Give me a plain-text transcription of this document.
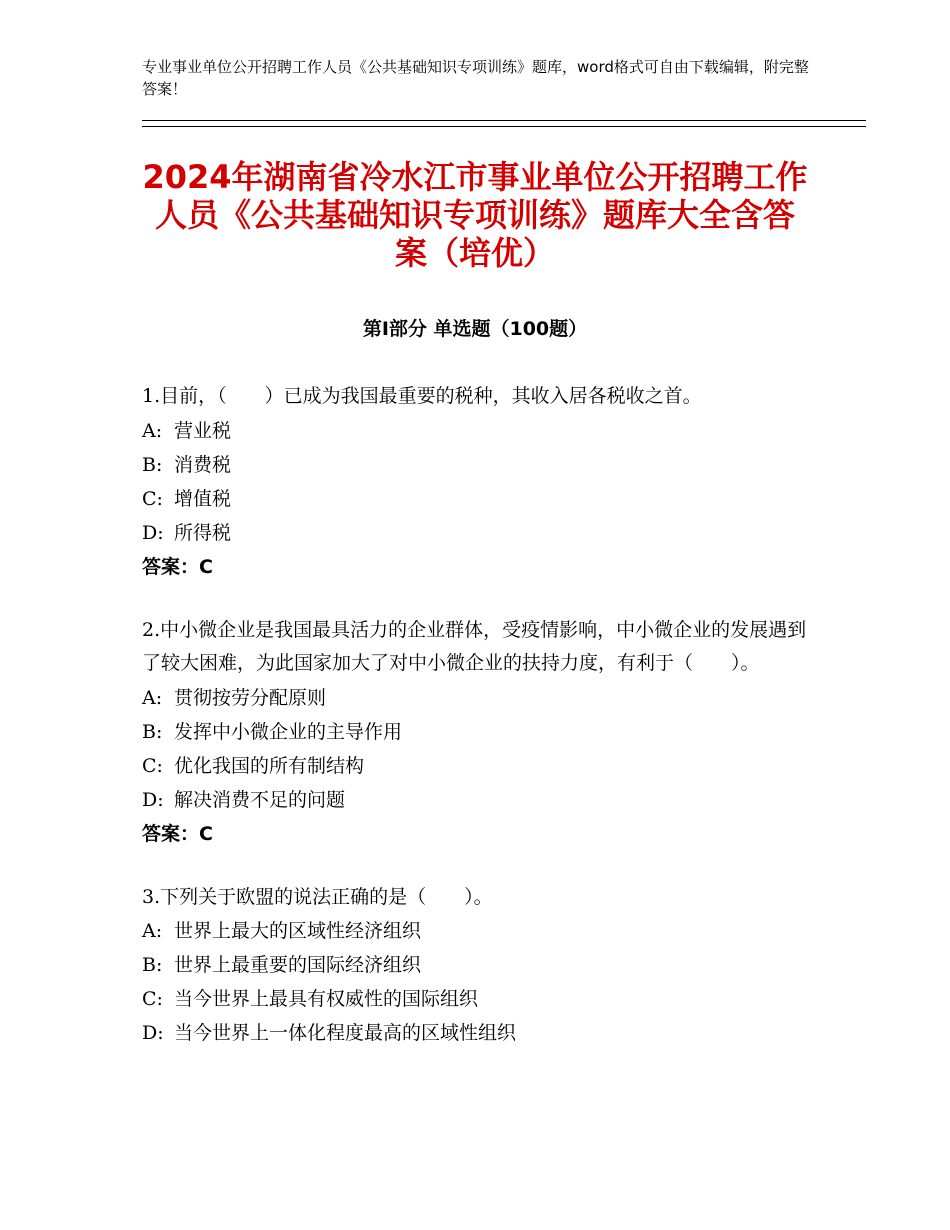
专业事业单位公开招聘工作人员《公共基础知识专项训练》题库，word格式可自由下载编辑，附完整答案！
2024年湖南省冷水江市事业单位公开招聘工作人员《公共基础知识专项训练》题库大全含答案（培优）
第Ⅰ部分 单选题（100题）
1.目前，（　　）已成为我国最重要的税种，其收入居各税收之首。
A: 营业税
B: 消费税
C: 增值税
D: 所得税
答案：C
2.中小微企业是我国最具活力的企业群体，受疫情影响，中小微企业的发展遇到了较大困难，为此国家加大了对中小微企业的扶持力度，有利于（　　）。
A: 贯彻按劳分配原则
B: 发挥中小微企业的主导作用
C: 优化我国的所有制结构
D: 解决消费不足的问题
答案：C
3.下列关于欧盟的说法正确的是（　　）。
A: 世界上最大的区域性经济组织
B: 世界上最重要的国际经济组织
C: 当今世界上最具有权威性的国际组织
D: 当今世界上一体化程度最高的区域性组织
